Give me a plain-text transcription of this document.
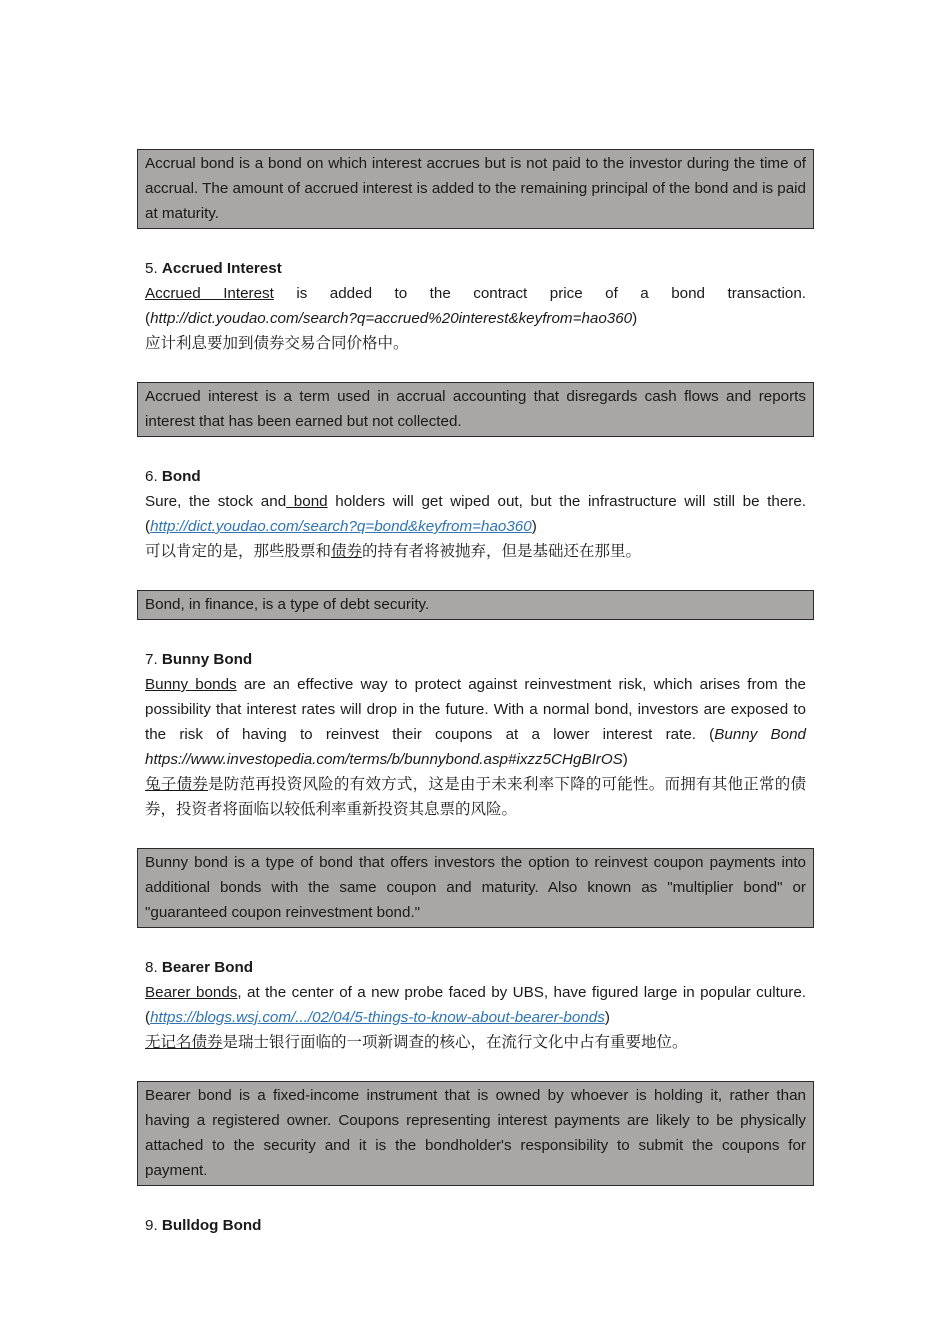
Accrual bond is a bond on which interest accrues but is not paid to the investor during the time of accrual. The amount of accrued interest is added to the remaining principal of the bond and is paid at maturity.
5. Accrued Interest
Accrued Interest is added to the contract price of a bond transaction. (http://dict.youdao.com/search?q=accrued%20interest&keyfrom=hao360)
应计利息要加到债券交易合同价格中。
Accrued interest is a term used in accrual accounting that disregards cash flows and reports interest that has been earned but not collected.
6. Bond
Sure, the stock and bond holders will get wiped out, but the infrastructure will still be there. (http://dict.youdao.com/search?q=bond&keyfrom=hao360)
可以肯定的是，那些股票和债券的持有者将被抛弃，但是基础还在那里。
Bond, in finance, is a type of debt security.
7. Bunny Bond
Bunny bonds are an effective way to protect against reinvestment risk, which arises from the possibility that interest rates will drop in the future. With a normal bond, investors are exposed to the risk of having to reinvest their coupons at a lower interest rate. (Bunny Bond https://www.investopedia.com/terms/b/bunnybond.asp#ixzz5CHgBIrOS)
兔子债券是防范再投资风险的有效方式，这是由于未来利率下降的可能性。而拥有其他正常的债券，投资者将面临以较低利率重新投资其息票的风险。
Bunny bond is a type of bond that offers investors the option to reinvest coupon payments into additional bonds with the same coupon and maturity. Also known as "multiplier bond" or "guaranteed coupon reinvestment bond."
8. Bearer Bond
Bearer bonds, at the center of a new probe faced by UBS, have figured large in popular culture. (https://blogs.wsj.com/.../02/04/5-things-to-know-about-bearer-bonds)
无记名债券是瑞士银行面临的一项新调查的核心，在流行文化中占有重要地位。
Bearer bond is a fixed-income instrument that is owned by whoever is holding it, rather than having a registered owner. Coupons representing interest payments are likely to be physically attached to the security and it is the bondholder's responsibility to submit the coupons for payment.
9. Bulldog Bond
